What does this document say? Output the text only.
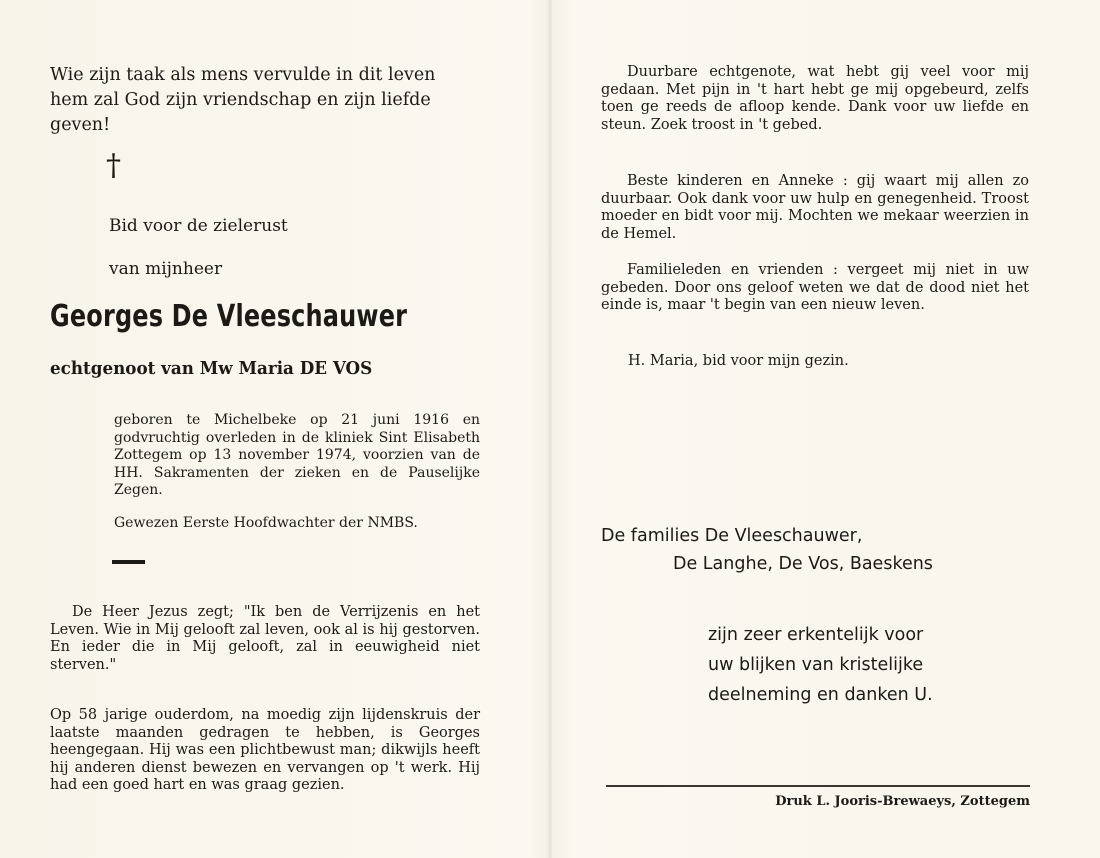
Wie zijn taak als mens vervulde in dit leven
hem zal God zijn vriendschap en zijn liefde
geven!

†

Bid voor de zielerust

van mijnheer

Georges De Vleeschauwer

echtgenoot van Mw Maria DE VOS

geboren te Michelbeke op 21 juni 1916 en godvruchtig overleden in de kliniek Sint Elisabeth Zottegem op 13 november 1974, voorzien van de HH. Sakramenten der zieken en de Pauselijke Zegen.

Gewezen Eerste Hoofdwachter der NMBS.

De Heer Jezus zegt; "Ik ben de Verrijzenis en het Leven. Wie in Mij gelooft zal leven, ook al is hij gestorven. En ieder die in Mij gelooft, zal in eeuwigheid niet sterven."

Op 58 jarige ouderdom, na moedig zijn lijdenskruis der laatste maanden gedragen te hebben, is Georges heengegaan. Hij was een plichtbewust man; dikwijls heeft hij anderen dienst bewezen en vervangen op 't werk. Hij had een goed hart en was graag gezien.

Duurbare echtgenote, wat hebt gij veel voor mij gedaan. Met pijn in 't hart hebt ge mij opgebeurd, zelfs toen ge reeds de afloop kende. Dank voor uw liefde en steun. Zoek troost in 't gebed.

Beste kinderen en Anneke : gij waart mij allen zo duurbaar. Ook dank voor uw hulp en genegenheid. Troost moeder en bidt voor mij. Mochten we mekaar weerzien in de Hemel.

Familieleden en vrienden : vergeet mij niet in uw gebeden. Door ons geloof weten we dat de dood niet het einde is, maar 't begin van een nieuw leven.

H. Maria, bid voor mijn gezin.

De families De Vleeschauwer,
De Langhe, De Vos, Baeskens

zijn zeer erkentelijk voor
uw blijken van kristelijke
deelneming en danken U.

Druk L. Jooris-Brewaeys, Zottegem
